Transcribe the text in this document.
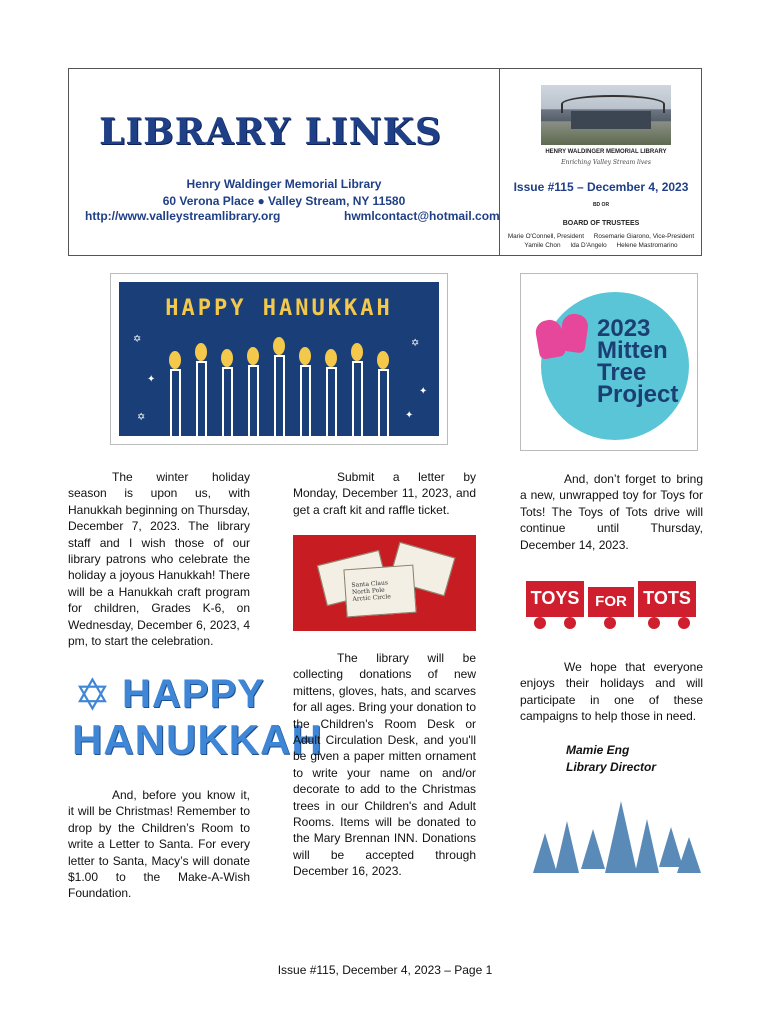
LIBRARY LINKS
Henry Waldinger Memorial Library
60 Verona Place ● Valley Stream, NY 11580
http://www.valleystreamlibrary.org	hwmlcontact@hotmail.com
HENRY WALDINGER MEMORIAL LIBRARY
Enriching Valley Stream lives
Issue #115 – December 4, 2023
BD OR
BOARD OF TRUSTEES
Marie O'Connell, President Rosemarie Giarono, Vice-President
Yamile Chon Ida D'Angelo Helene Mastromarino
HAPPY HANUKKAH
✡
✦
✡
✦
✡	✦
2023
Mitten
Tree
Project

The winter holiday season is upon us, with Hanukkah beginning on Thursday, December 7, 2023. The library staff and I wish those of our library patrons who celebrate the holiday a joyous Hanukkah! There will be a Hanukkah craft program for children, Grades K-6, on Wednesday, December 6, 2023, 4 pm, to start the celebration.

✡ HAPPY
HANUKKAH

And, before you know it, it will be Christmas! Remember to drop by the Children’s Room to write a Letter to Santa. For every letter to Santa, Macy’s will donate $1.00 to the Make-A-Wish Foundation.

Submit a letter by Monday, December 11, 2023, and get a craft kit and raffle ticket.

Santa Claus
North Pole
Arctic Circle

The library will be collecting donations of new mittens, gloves, hats, and scarves for all ages. Bring your donation to the Children's Room Desk or Adult Circulation Desk, and you'll be given a paper mitten ornament to write your name on and/or decorate to add to the Christmas trees in our Children's and Adult Rooms. Items will be donated to the Mary Brennan INN. Donations will be accepted through December 16, 2023.

And, don’t forget to bring a new, unwrapped toy for Toys for Tots! The Toys of Tots drive will continue until Thursday, December 14, 2023.

TOYS	FOR TOTS

We hope that everyone enjoys their holidays and will participate in one of these campaigns to help those in need.

Mamie Eng
Library Director
Issue #115, December 4, 2023 – Page 1
